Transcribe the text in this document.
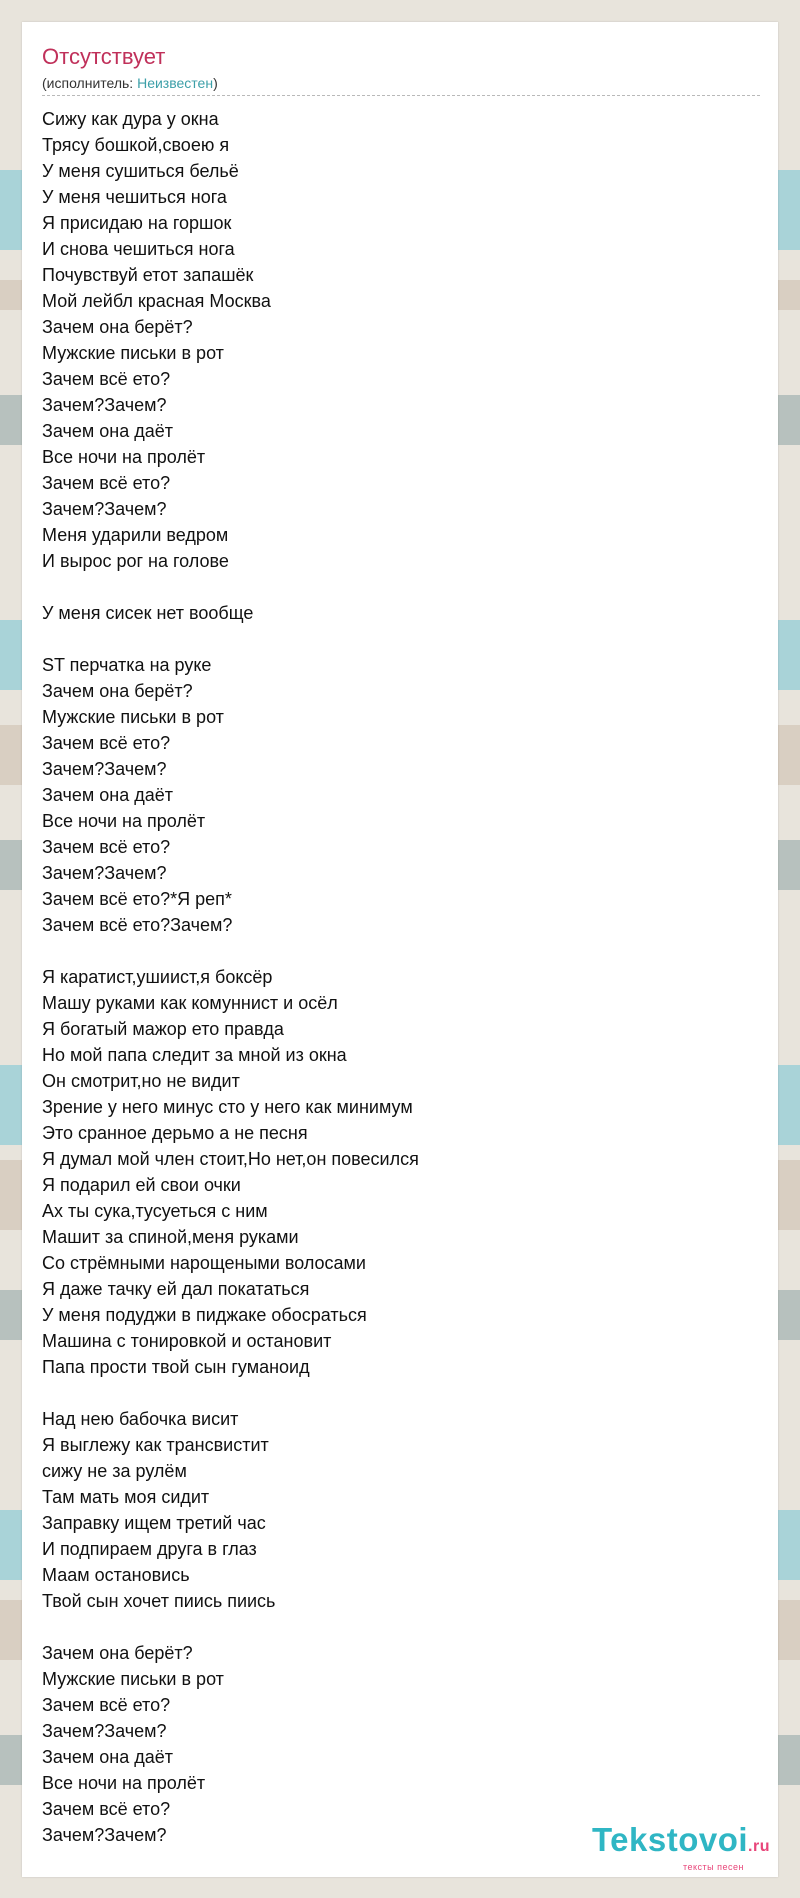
Отсутствует
(исполнитель: Неизвестен)
Сижу как дура у окна
Трясу бошкой,своею я
У меня сушиться бельё
У меня чешиться нога
Я присидаю на горшок
И снова чешиться нога
Почувствуй етот запашёк
Мой лейбл красная Москва
Зачем она берёт?
Мужские письки в рот
Зачем всё ето?
Зачем?Зачем?
Зачем она даёт
Все ночи на пролёт
Зачем всё ето?
Зачем?Зачем?
Меня ударили ведром
И вырос рог на голове
У меня сисек нет вообще
ST перчатка на руке
Зачем она берёт?
Мужские письки в рот
Зачем всё ето?
Зачем?Зачем?
Зачем она даёт
Все ночи на пролёт
Зачем всё ето?
Зачем?Зачем?
Зачем всё ето?*Я реп*
Зачем всё ето?Зачем?
Я каратист,ушиист,я боксёр
Машу руками как комуннист и осёл
Я богатый мажор ето правда
Но мой папа следит за мной из окна
Он смотрит,но не видит
Зрение у него минус сто у него как минимум
Это сранное дерьмо а не песня
Я думал мой член стоит,Но нет,он повесился
Я подарил ей свои очки
Ах ты сука,тусуеться с ним
Машит за спиной,меня руками
Со стрёмными нарощеными волосами
Я даже тачку ей дал покататься
У меня подуджи в пиджаке обосраться
Машина с тонировкой и остановит
Папа прости твой сын гуманоид
Над нею бабочка висит
Я выглежу как трансвистит
сижу не за рулём
Там мать моя сидит
Заправку ищем третий час
И подпираем друга в глаз
Маам остановись
Твой сын хочет пиись пиись
Зачем она берёт?
Мужские письки в рот
Зачем всё ето?
Зачем?Зачем?
Зачем она даёт
Все ночи на пролёт
Зачем всё ето?
Зачем?Зачем?	Tekstovoi.ru
тексты песен
